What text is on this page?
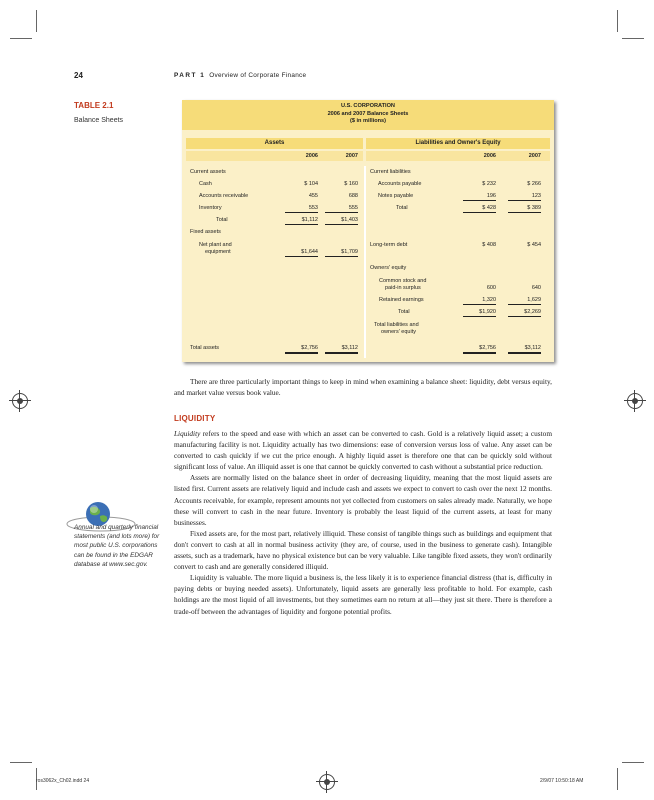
24	PART 1 Overview of Corporate Finance
TABLE 2.1
Balance Sheets
U.S. CORPORATION
2006 and 2007 Balance Sheets
($ in millions)
Assets	Liabilities and Owner's Equity
2006	2007	2006	2007
Current assets
Cash	$ 104	$ 160
Accounts receivable	455	688
Inventory	553	555
Total	$1,112	$1,403
Fixed assets
Net plant and
equipment	$1,644	$1,709
Total assets	$2,756	$3,112
Current liabilities
Accounts payable	$ 232	$ 266
Notes payable	196	123
Total	$ 428	$ 389
Long-term debt	$ 408	$ 454
Owners' equity
Common stock and
paid-in surplus	600	640
Retained earnings	1,320	1,629
Total	$1,920	$2,269
Total liabilities and
owners' equity
$2,756	$3,112
There are three particularly important things to keep in mind when examining a balance sheet: liquidity, debt versus equity, and market value versus book value.
LIQUIDITY

Liquidity refers to the speed and ease with which an asset can be converted to cash. Gold is a relatively liquid asset; a custom manufacturing facility is not. Liquidity actually has two dimensions: ease of conversion versus loss of value. Any asset can be converted to cash quickly if we cut the price enough. A highly liquid asset is therefore one that can be quickly sold without significant loss of value. An illiquid asset is one that cannot be quickly converted to cash without a substantial price reduction.

Assets are normally listed on the balance sheet in order of decreasing liquidity, meaning that the most liquid assets are listed first. Current assets are relatively liquid and include cash and assets we expect to convert to cash over the next 12 months. Accounts receivable, for example, represent amounts not yet collected from customers on sales already made. Naturally, we hope these will convert to cash in the near future. Inventory is probably the least liquid of the current assets, at least for many businesses.

Fixed assets are, for the most part, relatively illiquid. These consist of tangible things such as buildings and equipment that don't convert to cash at all in normal business activity (they are, of course, used in the business to generate cash). Intangible assets, such as a trademark, have no physical existence but can be very valuable. Like tangible fixed assets, they won't ordinarily convert to cash and are generally considered illiquid.

Liquidity is valuable. The more liquid a business is, the less likely it is to experience financial distress (that is, difficulty in paying debts or buying needed assets). Unfortunately, liquid assets are generally less profitable to hold. For example, cash holdings are the most liquid of all investments, but they sometimes earn no return at all—they just sit there. There is therefore a trade-off between the advantages of liquidity and forgone potential profits.

Annual and quarterly financial statements (and lots more) for most public U.S. corporations can be found in the EDGAR database at www.sec.gov.
ros3062x_Ch02.indd 24	2/9/07 10:50:18 AM
